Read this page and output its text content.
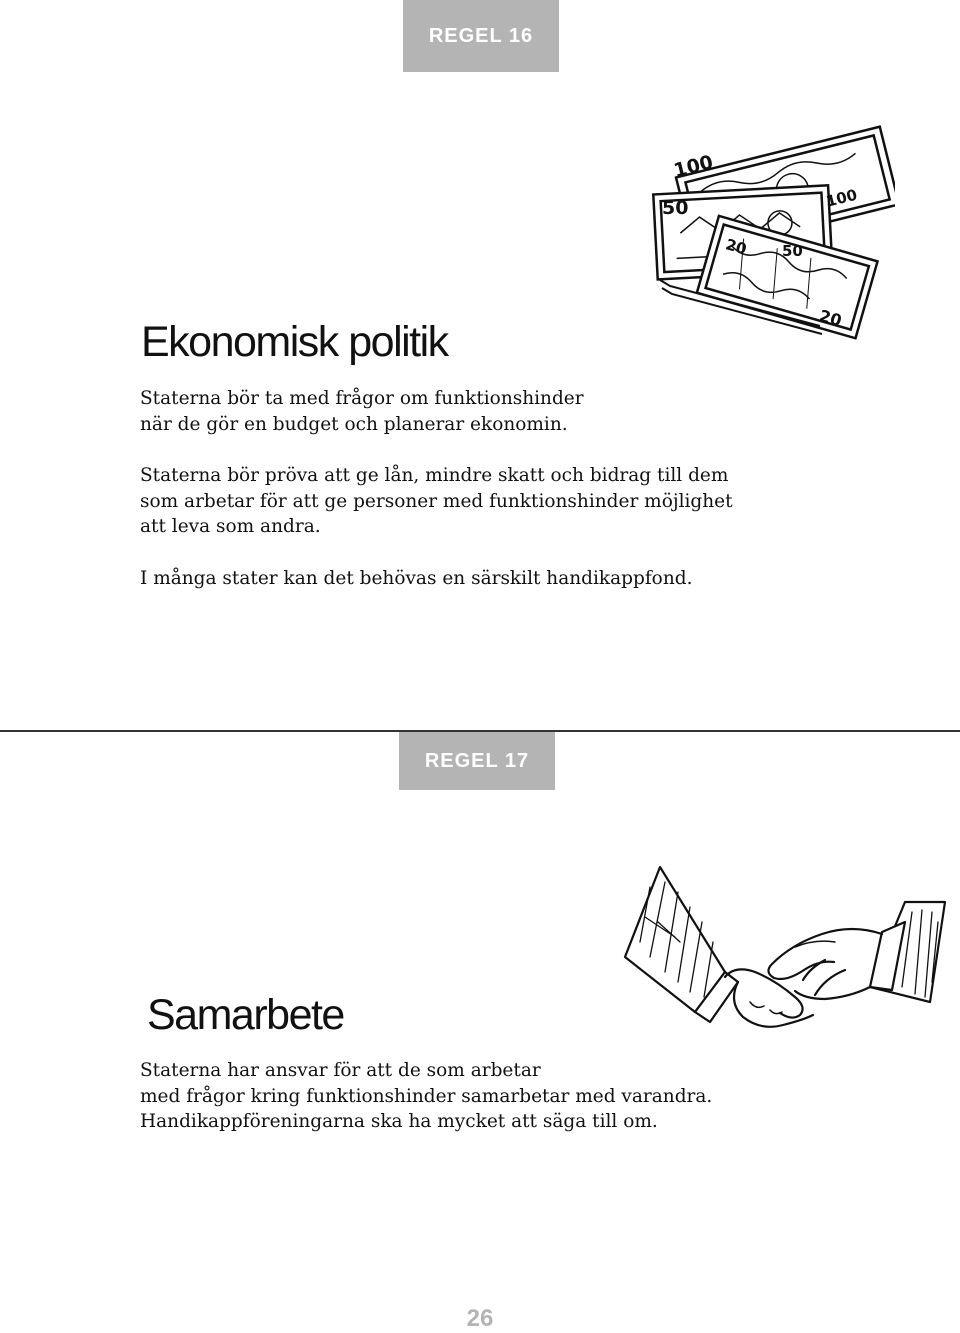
REGEL 16
100
50	100
20 50
20
Ekonomisk politik
Staterna bör ta med frågor om funktionshinder
när de gör en budget och planerar ekonomin.
Staterna bör pröva att ge lån, mindre skatt och bidrag till dem
som arbetar för att ge personer med funktionshinder möjlighet
att leva som andra.
I många stater kan det behövas en särskilt handikappfond.
REGEL 17
Samarbete
Staterna har ansvar för att de som arbetar
med frågor kring funktionshinder samarbetar med varandra.
Handikappföreningarna ska ha mycket att säga till om.
26
